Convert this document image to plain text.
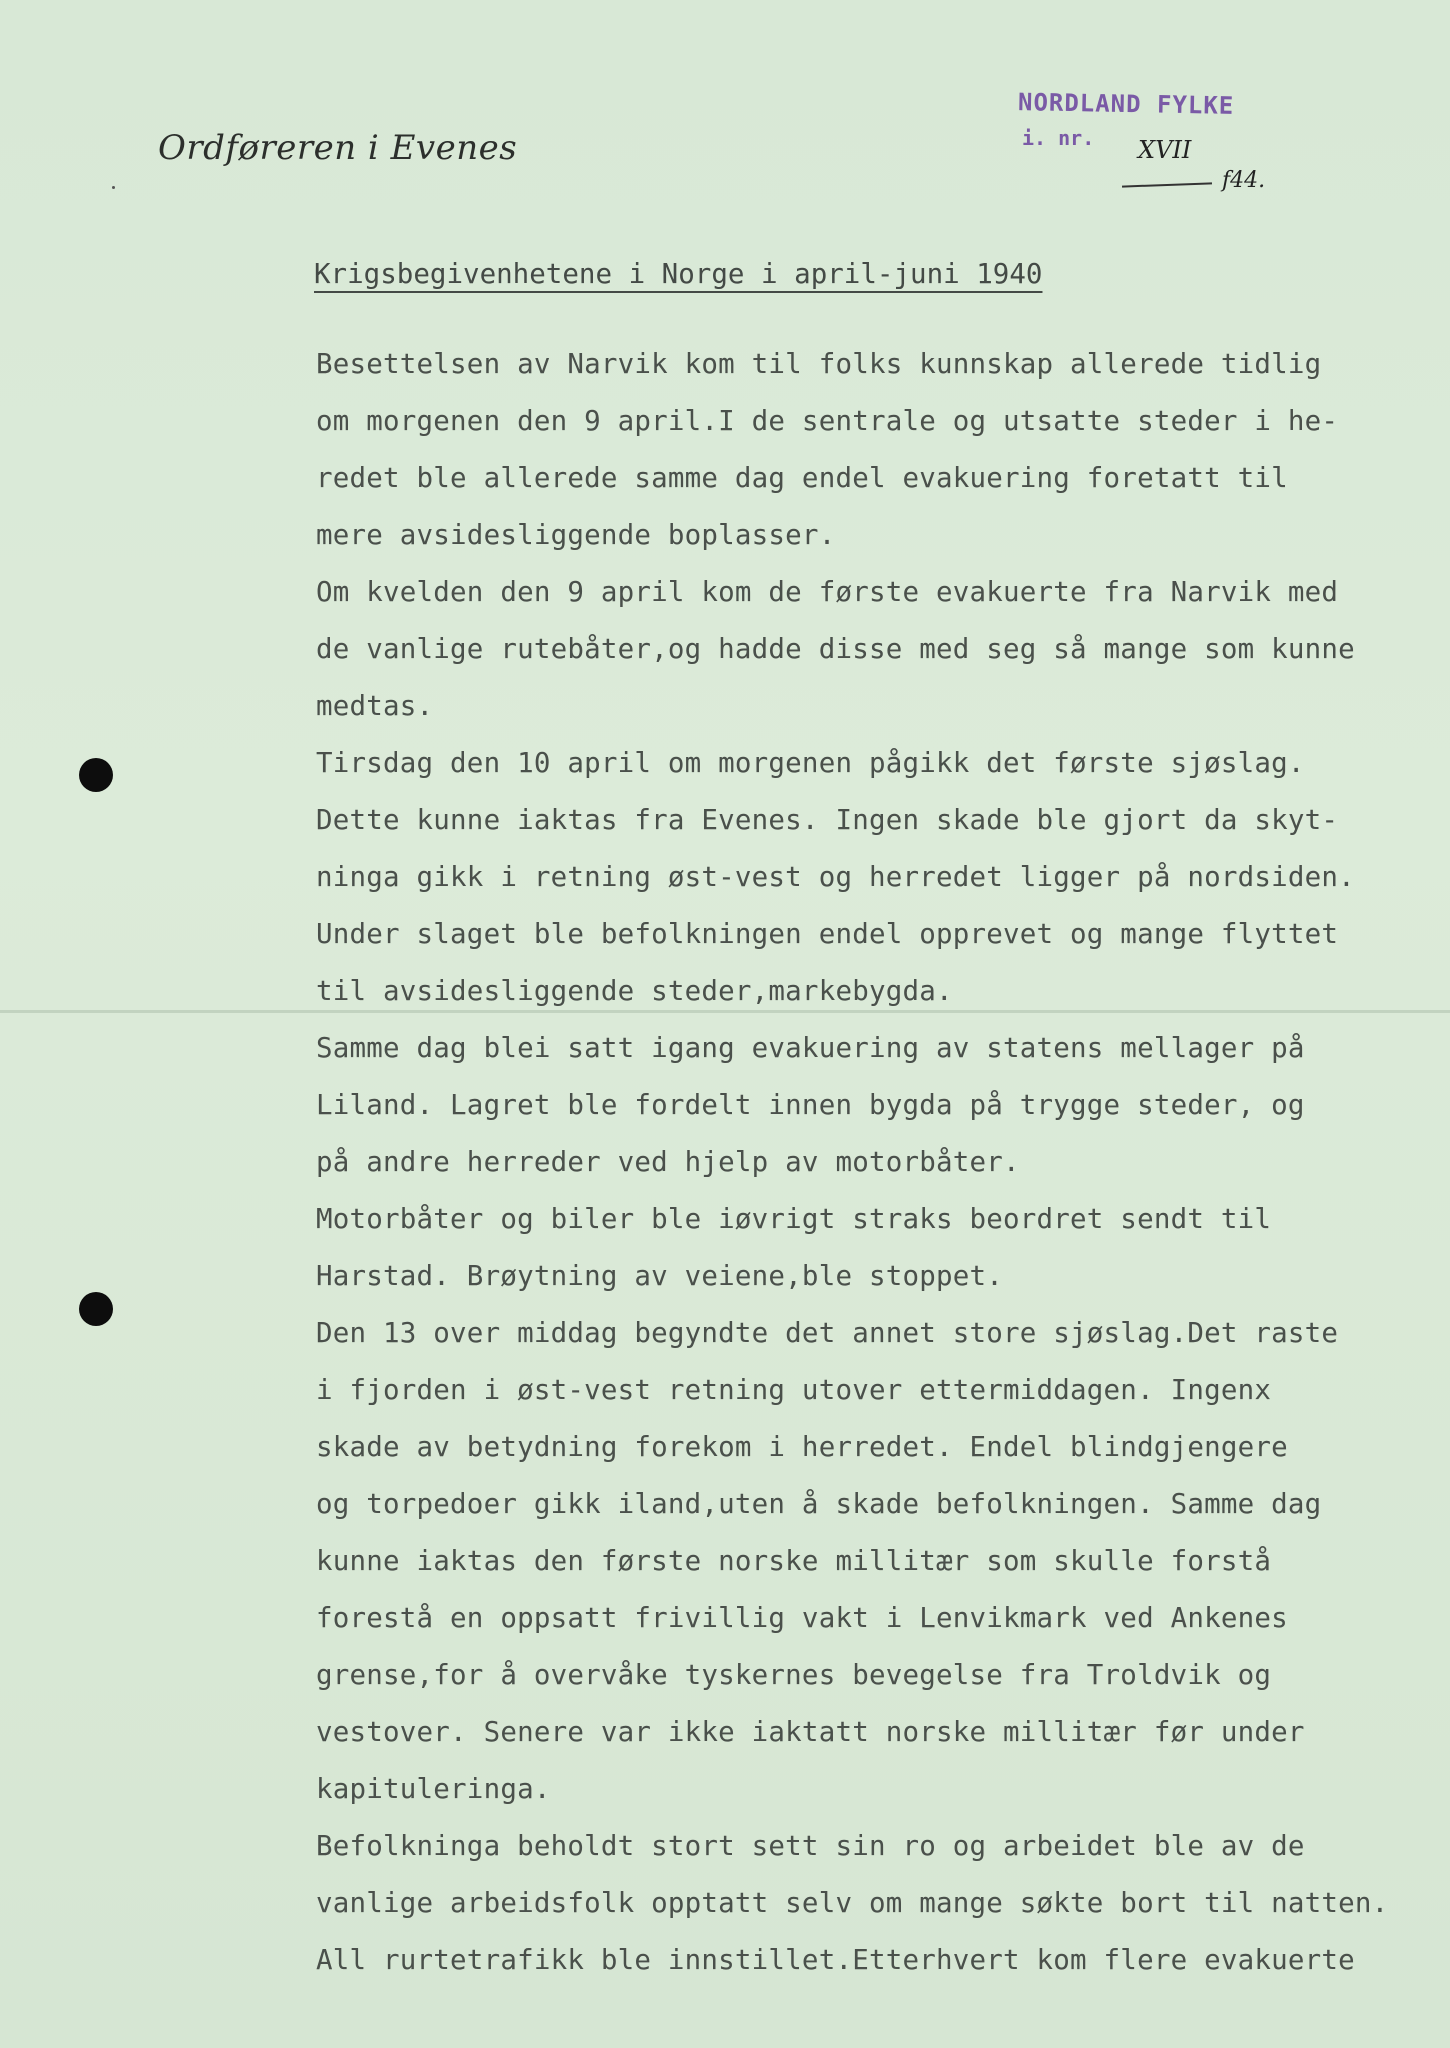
Ordføreren i Evenes
NORDLAND FYLKE
i. nr.	XVII
f44.
Krigsbegivenhetene i Norge i april-juni 1940
Besettelsen av Narvik kom til folks kunnskap allerede tidlig
om morgenen den 9 april.I de sentrale og utsatte steder i he-
redet ble allerede samme dag endel evakuering foretatt til
mere avsidesliggende boplasser.
Om kvelden den 9 april kom de første evakuerte fra Narvik med
de vanlige rutebåter,og hadde disse med seg så mange som kunne
medtas.
Tirsdag den 10 april om morgenen pågikk det første sjøslag.
Dette kunne iaktas fra Evenes. Ingen skade ble gjort da skyt-
ninga gikk i retning øst-vest og herredet ligger på nordsiden.
Under slaget ble befolkningen endel opprevet og mange flyttet
til avsidesliggende steder,markebygda.
Samme dag blei satt igang evakuering av statens mellager på
Liland. Lagret ble fordelt innen bygda på trygge steder, og
på andre herreder ved hjelp av motorbåter.
Motorbåter og biler ble iøvrigt straks beordret sendt til
Harstad. Brøytning av veiene,ble stoppet.
Den 13 over middag begyndte det annet store sjøslag.Det raste
i fjorden i øst-vest retning utover ettermiddagen. Ingenx
skade av betydning forekom i herredet. Endel blindgjengere
og torpedoer gikk iland,uten å skade befolkningen. Samme dag
kunne iaktas den første norske millitær som skulle forstå
forestå en oppsatt frivillig vakt i Lenvikmark ved Ankenes
grense,for å overvåke tyskernes bevegelse fra Troldvik og
vestover. Senere var ikke iaktatt norske millitær før under
kapituleringa.
Befolkninga beholdt stort sett sin ro og arbeidet ble av de
vanlige arbeidsfolk opptatt selv om mange søkte bort til natten.
All rurtetrafikk ble innstillet.Etterhvert kom flere evakuerte
